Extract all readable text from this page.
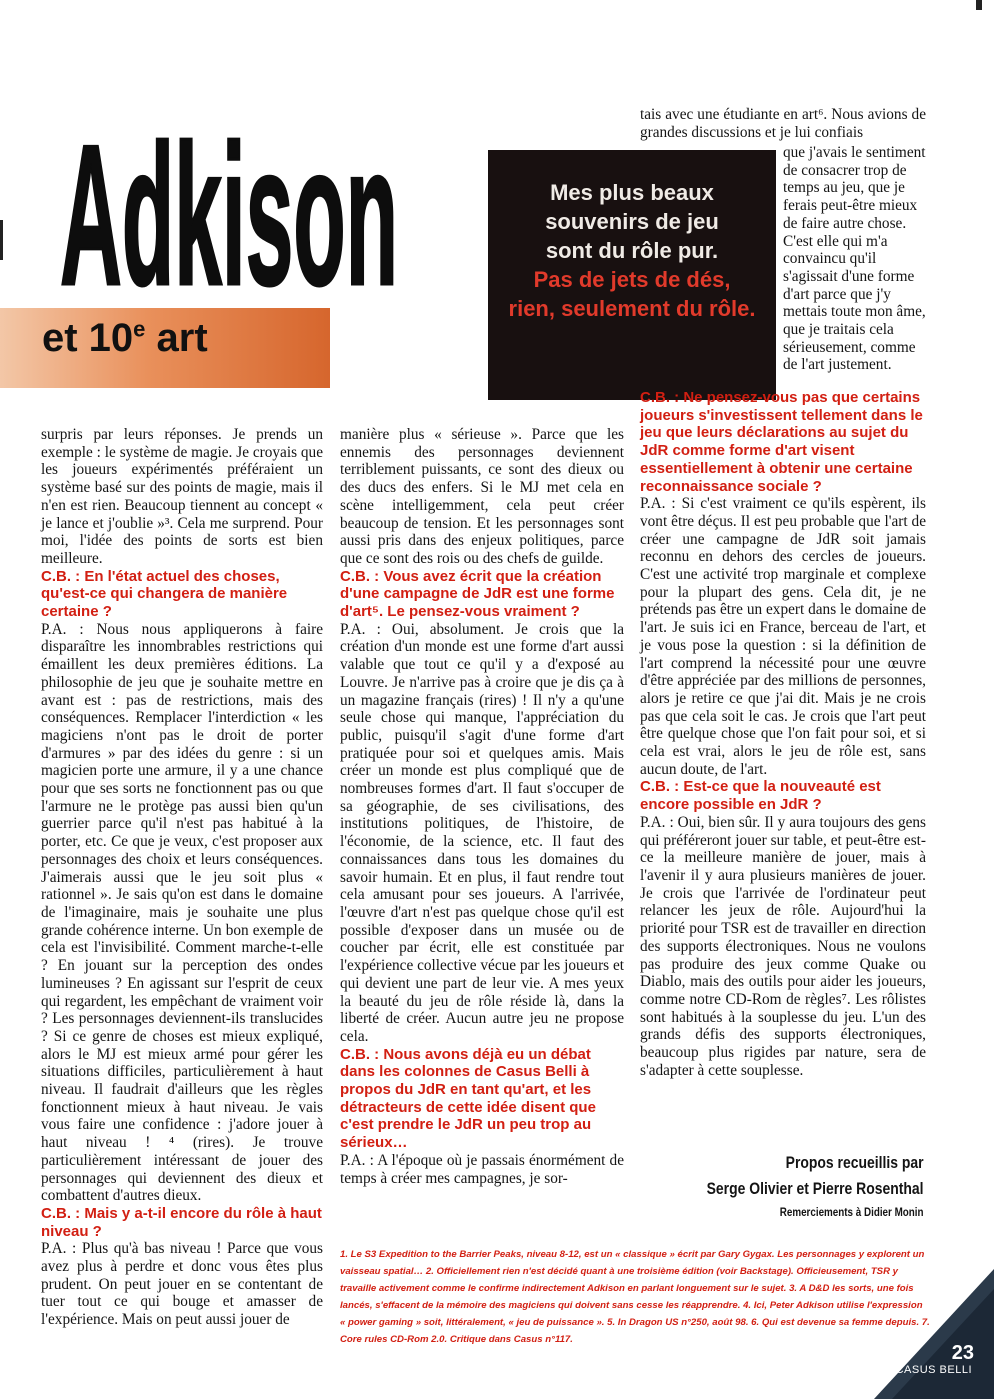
Adkison
et 10e art
Mes plus beaux
souvenirs de jeu
sont du rôle pur.
Pas de jets de dés,
rien, seulement du rôle.

tais avec une étudiante en art⁶. Nous avions de grandes discussions et je lui confiais

que j'avais le sentiment de consacrer trop de temps au jeu, que je ferais peut-être mieux de faire autre chose. C'est elle qui m'a convaincu qu'il s'agissait d'une forme d'art parce que j'y mettais toute mon âme, que je traitais cela sérieusement, comme de l'art justement.

surpris par leurs réponses. Je prends un exemple : le système de magie. Je croyais que les joueurs expérimentés préféraient un système basé sur des points de magie, mais il n'en est rien. Beaucoup tiennent au concept « je lance et j'oublie »³. Cela me surprend. Pour moi, l'idée des points de sorts est bien meilleure.

C.B. : En l'état actuel des choses, qu'est-ce qui changera de manière certaine ?

P.A. : Nous nous appliquerons à faire disparaître les innombrables restrictions qui émaillent les deux premières éditions. La philosophie de jeu que je souhaite mettre en avant est : pas de restrictions, mais des conséquences. Remplacer l'interdiction « les magiciens n'ont pas le droit de porter d'armures » par des idées du genre : si un magicien porte une armure, il y a une chance pour que ses sorts ne fonctionnent pas ou que l'armure ne le protège pas aussi bien qu'un guerrier parce qu'il n'est pas habitué à la porter, etc. Ce que je veux, c'est proposer aux personnages des choix et leurs conséquences. J'aimerais aussi que le jeu soit plus « rationnel ». Je sais qu'on est dans le domaine de l'imaginaire, mais je souhaite une plus grande cohérence interne. Un bon exemple de cela est l'invisibilité. Comment marche-t-elle ? En jouant sur la perception des ondes lumineuses ? En agissant sur l'esprit de ceux qui regardent, les empêchant de vraiment voir ? Les personnages deviennent-ils translucides ? Si ce genre de choses est mieux expliqué, alors le MJ est mieux armé pour gérer les situations difficiles, particulièrement à haut niveau. Il faudrait d'ailleurs que les règles fonctionnent mieux à haut niveau. Je vais vous faire une confidence : j'adore jouer à haut niveau ! ⁴ (rires). Je trouve particulièrement intéressant de jouer des personnages qui deviennent des dieux et combattent d'autres dieux.

C.B. : Mais y a-t-il encore du rôle à haut niveau ?

P.A. : Plus qu'à bas niveau ! Parce que vous avez plus à perdre et donc vous êtes plus prudent. On peut jouer en se contentant de tuer tout ce qui bouge et amasser de l'expérience. Mais on peut aussi jouer de

manière plus « sérieuse ». Parce que les ennemis des personnages deviennent terriblement puissants, ce sont des dieux ou des ducs des enfers. Si le MJ met cela en scène intelligemment, cela peut créer beaucoup de tension. Et les personnages sont aussi pris dans des enjeux politiques, parce que ce sont des rois ou des chefs de guilde.

C.B. : Vous avez écrit que la création d'une campagne de JdR est une forme d'art⁵. Le pensez-vous vraiment ?

P.A. : Oui, absolument. Je crois que la création d'un monde est une forme d'art aussi valable que tout ce qu'il y a d'exposé au Louvre. Je n'arrive pas à croire que je dis ça à un magazine français (rires) ! Il n'y a qu'une seule chose qui manque, l'appréciation du public, puisqu'il s'agit d'une forme d'art pratiquée pour soi et quelques amis. Mais créer un monde est plus compliqué que de nombreuses formes d'art. Il faut s'occuper de sa géographie, de ses civilisations, des institutions politiques, de l'histoire, de l'économie, de la science, etc. Il faut des connaissances dans tous les domaines du savoir humain. Et en plus, il faut rendre tout cela amusant pour ses joueurs. A l'arrivée, l'œuvre d'art n'est pas quelque chose qu'il est possible d'exposer dans un musée ou de coucher par écrit, elle est constituée par l'expérience collective vécue par les joueurs et qui devient une part de leur vie. A mes yeux la beauté du jeu de rôle réside là, dans la liberté de créer. Aucun autre jeu ne propose cela.

C.B. : Nous avons déjà eu un débat dans les colonnes de Casus Belli à propos du JdR en tant qu'art, et les détracteurs de cette idée disent que c'est prendre le JdR un peu trop au sérieux…

P.A. : A l'époque où je passais énormément de temps à créer mes campagnes, je sor-

C.B. : Ne pensez-vous pas que certains joueurs s'investissent tellement dans le jeu que leurs déclarations au sujet du JdR comme forme d'art visent essentiellement à obtenir une certaine reconnaissance sociale ?

P.A. : Si c'est vraiment ce qu'ils espèrent, ils vont être déçus. Il est peu probable que l'art de créer une campagne de JdR soit jamais reconnu en dehors des cercles de joueurs. C'est une activité trop marginale et complexe pour la plupart des gens. Cela dit, je ne prétends pas être un expert dans le domaine de l'art. Je suis ici en France, berceau de l'art, et je vous pose la question : si la définition de l'art comprend la nécessité pour une œuvre d'être appréciée par des millions de personnes, alors je retire ce que j'ai dit. Mais je ne crois pas que cela soit le cas. Je crois que l'art peut être quelque chose que l'on fait pour soi, et si cela est vrai, alors le jeu de rôle est, sans aucun doute, de l'art.

C.B. : Est-ce que la nouveauté est encore possible en JdR ?

P.A. : Oui, bien sûr. Il y aura toujours des gens qui préféreront jouer sur table, et peut-être est-ce la meilleure manière de jouer, mais à l'avenir il y aura plusieurs manières de jouer. Je crois que l'arrivée de l'ordinateur peut relancer les jeux de rôle. Aujourd'hui la priorité pour TSR est de travailler en direction des supports électroniques. Nous ne voulons pas produire des jeux comme Quake ou Diablo, mais des outils pour aider les joueurs, comme notre CD-Rom de règles⁷. Les rôlistes sont habitués à la souplesse du jeu. L'un des grands défis des supports électroniques, beaucoup plus rigides par nature, sera de s'adapter à cette souplesse.

Propos recueillis par
Serge Olivier et Pierre Rosenthal
Remerciements à Didier Monin
1. Le S3 Expedition to the Barrier Peaks, niveau 8-12, est un « classique » écrit par Gary Gygax. Les personnages y explorent un vaisseau spatial… 2. Officiellement rien n'est décidé quant à une troisième édition (voir Backstage). Officieusement, TSR y travaille activement comme le confirme indirectement Adkison en parlant longuement sur le sujet. 3. A D&D les sorts, une fois lancés, s'effacent de la mémoire des magiciens qui doivent sans cesse les réapprendre. 4. Ici, Peter Adkison utilise l'expression « power gaming » soit, littéralement, « jeu de puissance ». 5. In Dragon US n°250, août 98. 6. Qui est devenue sa femme depuis. 7. Core rules CD-Rom 2.0. Critique dans Casus n°117.
23
CASUS BELLI
